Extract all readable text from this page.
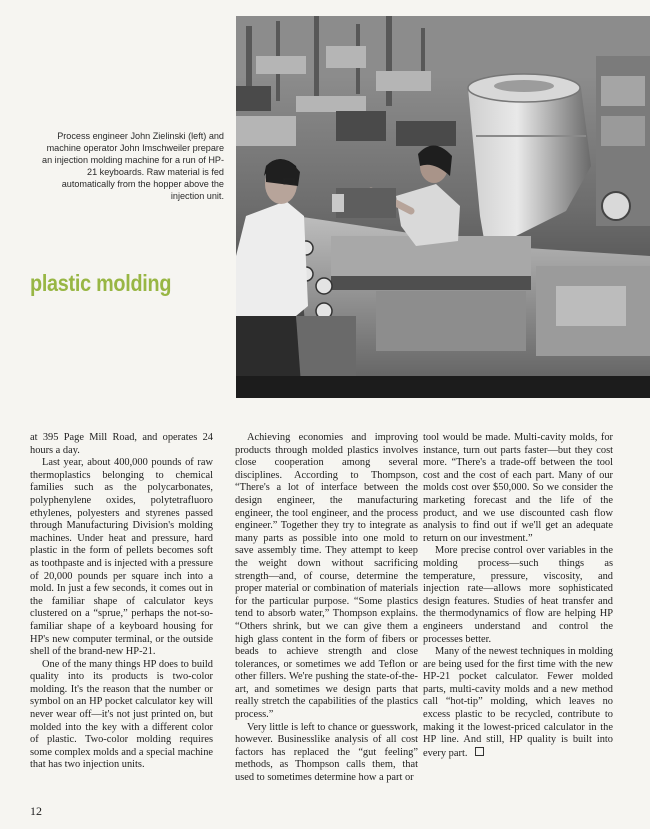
Process engineer John Zielinski (left) and machine operator John Imschweiler prepare an injection molding machine for a run of HP-21 keyboards. Raw material is fed automatically from the hopper above the injection unit.
plastic molding

at 395 Page Mill Road, and operates 24 hours a day.

Last year, about 400,000 pounds of raw thermoplastics belonging to chemical families such as the polycarbonates, polyphenylene oxides, polytetrafluoro ethylenes, polyesters and styrenes passed through Manufacturing Division's molding machines. Under heat and pressure, hard plastic in the form of pellets becomes soft as toothpaste and is injected with a pressure of 20,000 pounds per square inch into a mold. In just a few seconds, it comes out in the familiar shape of calculator keys clustered on a “sprue,” perhaps the not-so-familiar shape of a keyboard housing for HP's new computer terminal, or the outside shell of the brand-new HP-21.

One of the many things HP does to build quality into its products is two-color molding. It's the reason that the number or symbol on an HP pocket calculator key will never wear off—it's not just printed on, but molded into the key with a different color of plastic. Two-color molding requires some complex molds and a special machine that has two injection units.

Achieving economies and improving products through molded plastics involves close cooperation among several disciplines. According to Thompson, “There's a lot of interface between the design engineer, the manufacturing engineer, the tool engineer, and the process engineer.” Together they try to integrate as many parts as possible into one mold to save assembly time. They attempt to keep the weight down without sacrificing strength—and, of course, determine the proper material or combination of materials for the particular purpose. “Some plastics tend to absorb water,” Thompson explains. “Others shrink, but we can give them a high glass content in the form of fibers or beads to achieve strength and close tolerances, or sometimes we add Teflon or other fillers. We're pushing the state-of-the-art, and sometimes we design parts that really stretch the capabilities of the plastics process.”

Very little is left to chance or guesswork, however. Businesslike analysis of all cost factors has replaced the “gut feeling” methods, as Thompson calls them, that used to sometimes determine how a part or

tool would be made. Multi-cavity molds, for instance, turn out parts faster—but they cost more. “There's a trade-off between the tool cost and the cost of each part. Many of our molds cost over $50,000. So we consider the marketing forecast and the life of the product, and we use discounted cash flow analysis to find out if we'll get an adequate return on our investment.”

More precise control over variables in the molding process—such things as temperature, pressure, viscosity, and injection rate—allows more sophisticated design features. Studies of heat transfer and the thermodynamics of flow are helping HP engineers understand and control the processes better.

Many of the newest techniques in molding are being used for the first time with the new HP-21 pocket calculator. Fewer molded parts, multi-cavity molds and a new method call “hot-tip” molding, which leaves no excess plastic to be recycled, contribute to making it the lowest-priced calculator in the HP line. And still, HP quality is built into every part.

12
